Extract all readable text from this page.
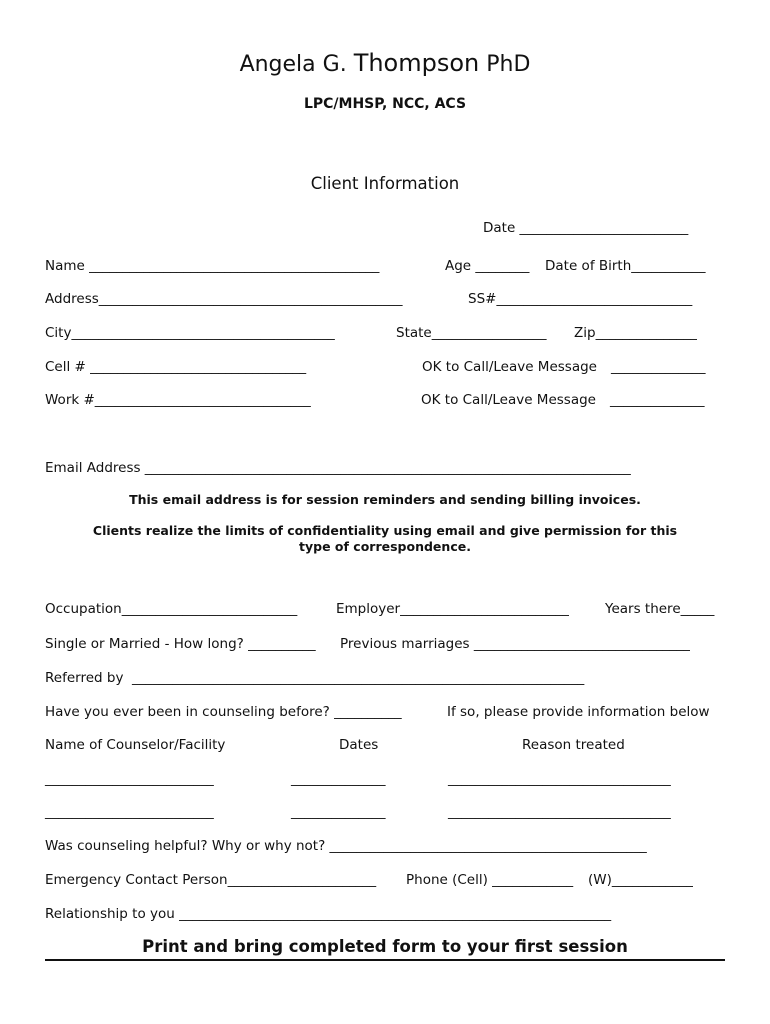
Angela G. Thompson PhD
LPC/MHSP, NCC, ACS
Client Information
Date _________________________
Name ___________________________________________	Age ________ Date of Birth___________
Address_____________________________________________	SS#_____________________________
City_______________________________________	State_________________ Zip_______________
Cell # ________________________________	OK to Call/Leave Message ______________
Work #________________________________	OK to Call/Leave Message ______________
Email Address ________________________________________________________________________
This email address is for session reminders and sending billing invoices.
Clients realize the limits of confidentiality using email and give permission for this type of correspondence.
Occupation__________________________	Employer_________________________	Years there_____
Single or Married - How long? __________ Previous marriages ________________________________
Referred by  ___________________________________________________________________
Have you ever been in counseling before? __________	If so, please provide information below
Name of Counselor/Facility	Dates	Reason treated
_________________________	______________	_________________________________
_________________________	______________	_________________________________
Was counseling helpful? Why or why not? _______________________________________________
Emergency Contact Person______________________ Phone (Cell) ____________ (W)____________
Relationship to you ________________________________________________________________
Print and bring completed form to your first session
